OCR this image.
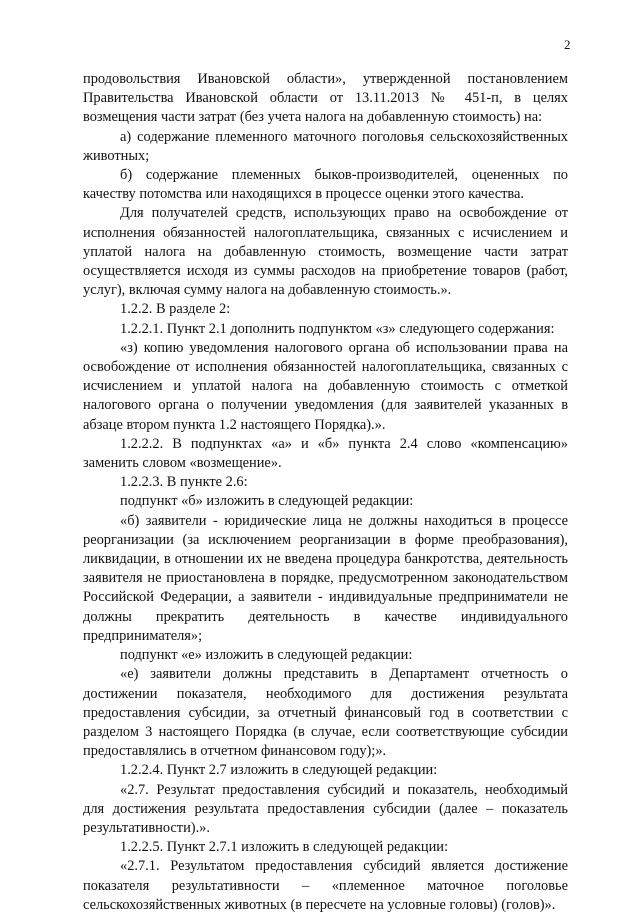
2

продовольствия Ивановской области», утвержденной постановлением Правительства Ивановской области от 13.11.2013 № 451-п, в целях возмещения части затрат (без учета налога на добавленную стоимость) на:

а) содержание племенного маточного поголовья сельскохозяйственных животных;

б) содержание племенных быков-производителей, оцененных по качеству потомства или находящихся в процессе оценки этого качества.

Для получателей средств, использующих право на освобождение от исполнения обязанностей налогоплательщика, связанных с исчислением и уплатой налога на добавленную стоимость, возмещение части затрат осуществляется исходя из суммы расходов на приобретение товаров (работ, услуг), включая сумму налога на добавленную стоимость.».

1.2.2. В разделе 2:

1.2.2.1. Пункт 2.1 дополнить подпунктом «з» следующего содержания:

«з) копию уведомления налогового органа об использовании права на освобождение от исполнения обязанностей налогоплательщика, связанных с исчислением и уплатой налога на добавленную стоимость с отметкой налогового органа о получении уведомления (для заявителей указанных в абзаце втором пункта 1.2 настоящего Порядка).».

1.2.2.2. В подпунктах «а» и «б» пункта 2.4 слово «компенсацию» заменить словом «возмещение».

1.2.2.3. В пункте 2.6:

подпункт «б» изложить в следующей редакции:

«б) заявители - юридические лица не должны находиться в процессе реорганизации (за исключением реорганизации в форме преобразования), ликвидации, в отношении их не введена процедура банкротства, деятельность заявителя не приостановлена в порядке, предусмотренном законодательством Российской Федерации, а заявители - индивидуальные предприниматели не должны прекратить деятельность в качестве индивидуального предпринимателя»;

подпункт «е» изложить в следующей редакции:

«е) заявители должны представить в Департамент отчетность о достижении показателя, необходимого для достижения результата предоставления субсидии, за отчетный финансовый год в соответствии с разделом 3 настоящего Порядка (в случае, если соответствующие субсидии предоставлялись в отчетном финансовом году);».

1.2.2.4. Пункт 2.7 изложить в следующей редакции:

«2.7. Результат предоставления субсидий и показатель, необходимый для достижения результата предоставления субсидии (далее – показатель результативности).».

1.2.2.5. Пункт 2.7.1 изложить в следующей редакции:

«2.7.1. Результатом предоставления субсидий является достижение показателя результативности – «племенное маточное поголовье сельскохозяйственных животных (в пересчете на условные головы) (голов)».
